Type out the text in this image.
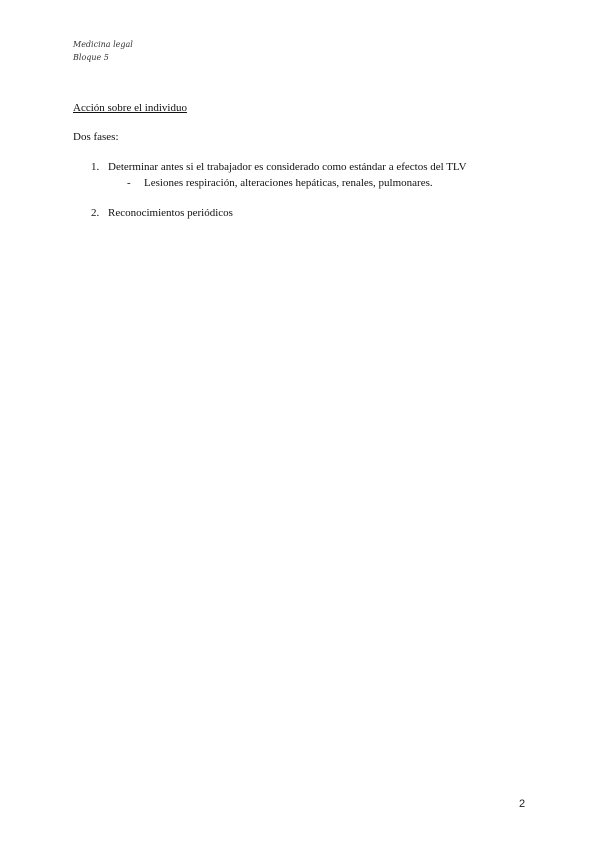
Medicina legal
Bloque 5
Acción sobre el individuo
Dos fases:
1. Determinar antes si el trabajador es considerado como estándar a efectos del TLV
- Lesiones respiración, alteraciones hepáticas, renales, pulmonares.
2. Reconocimientos periódicos
2
